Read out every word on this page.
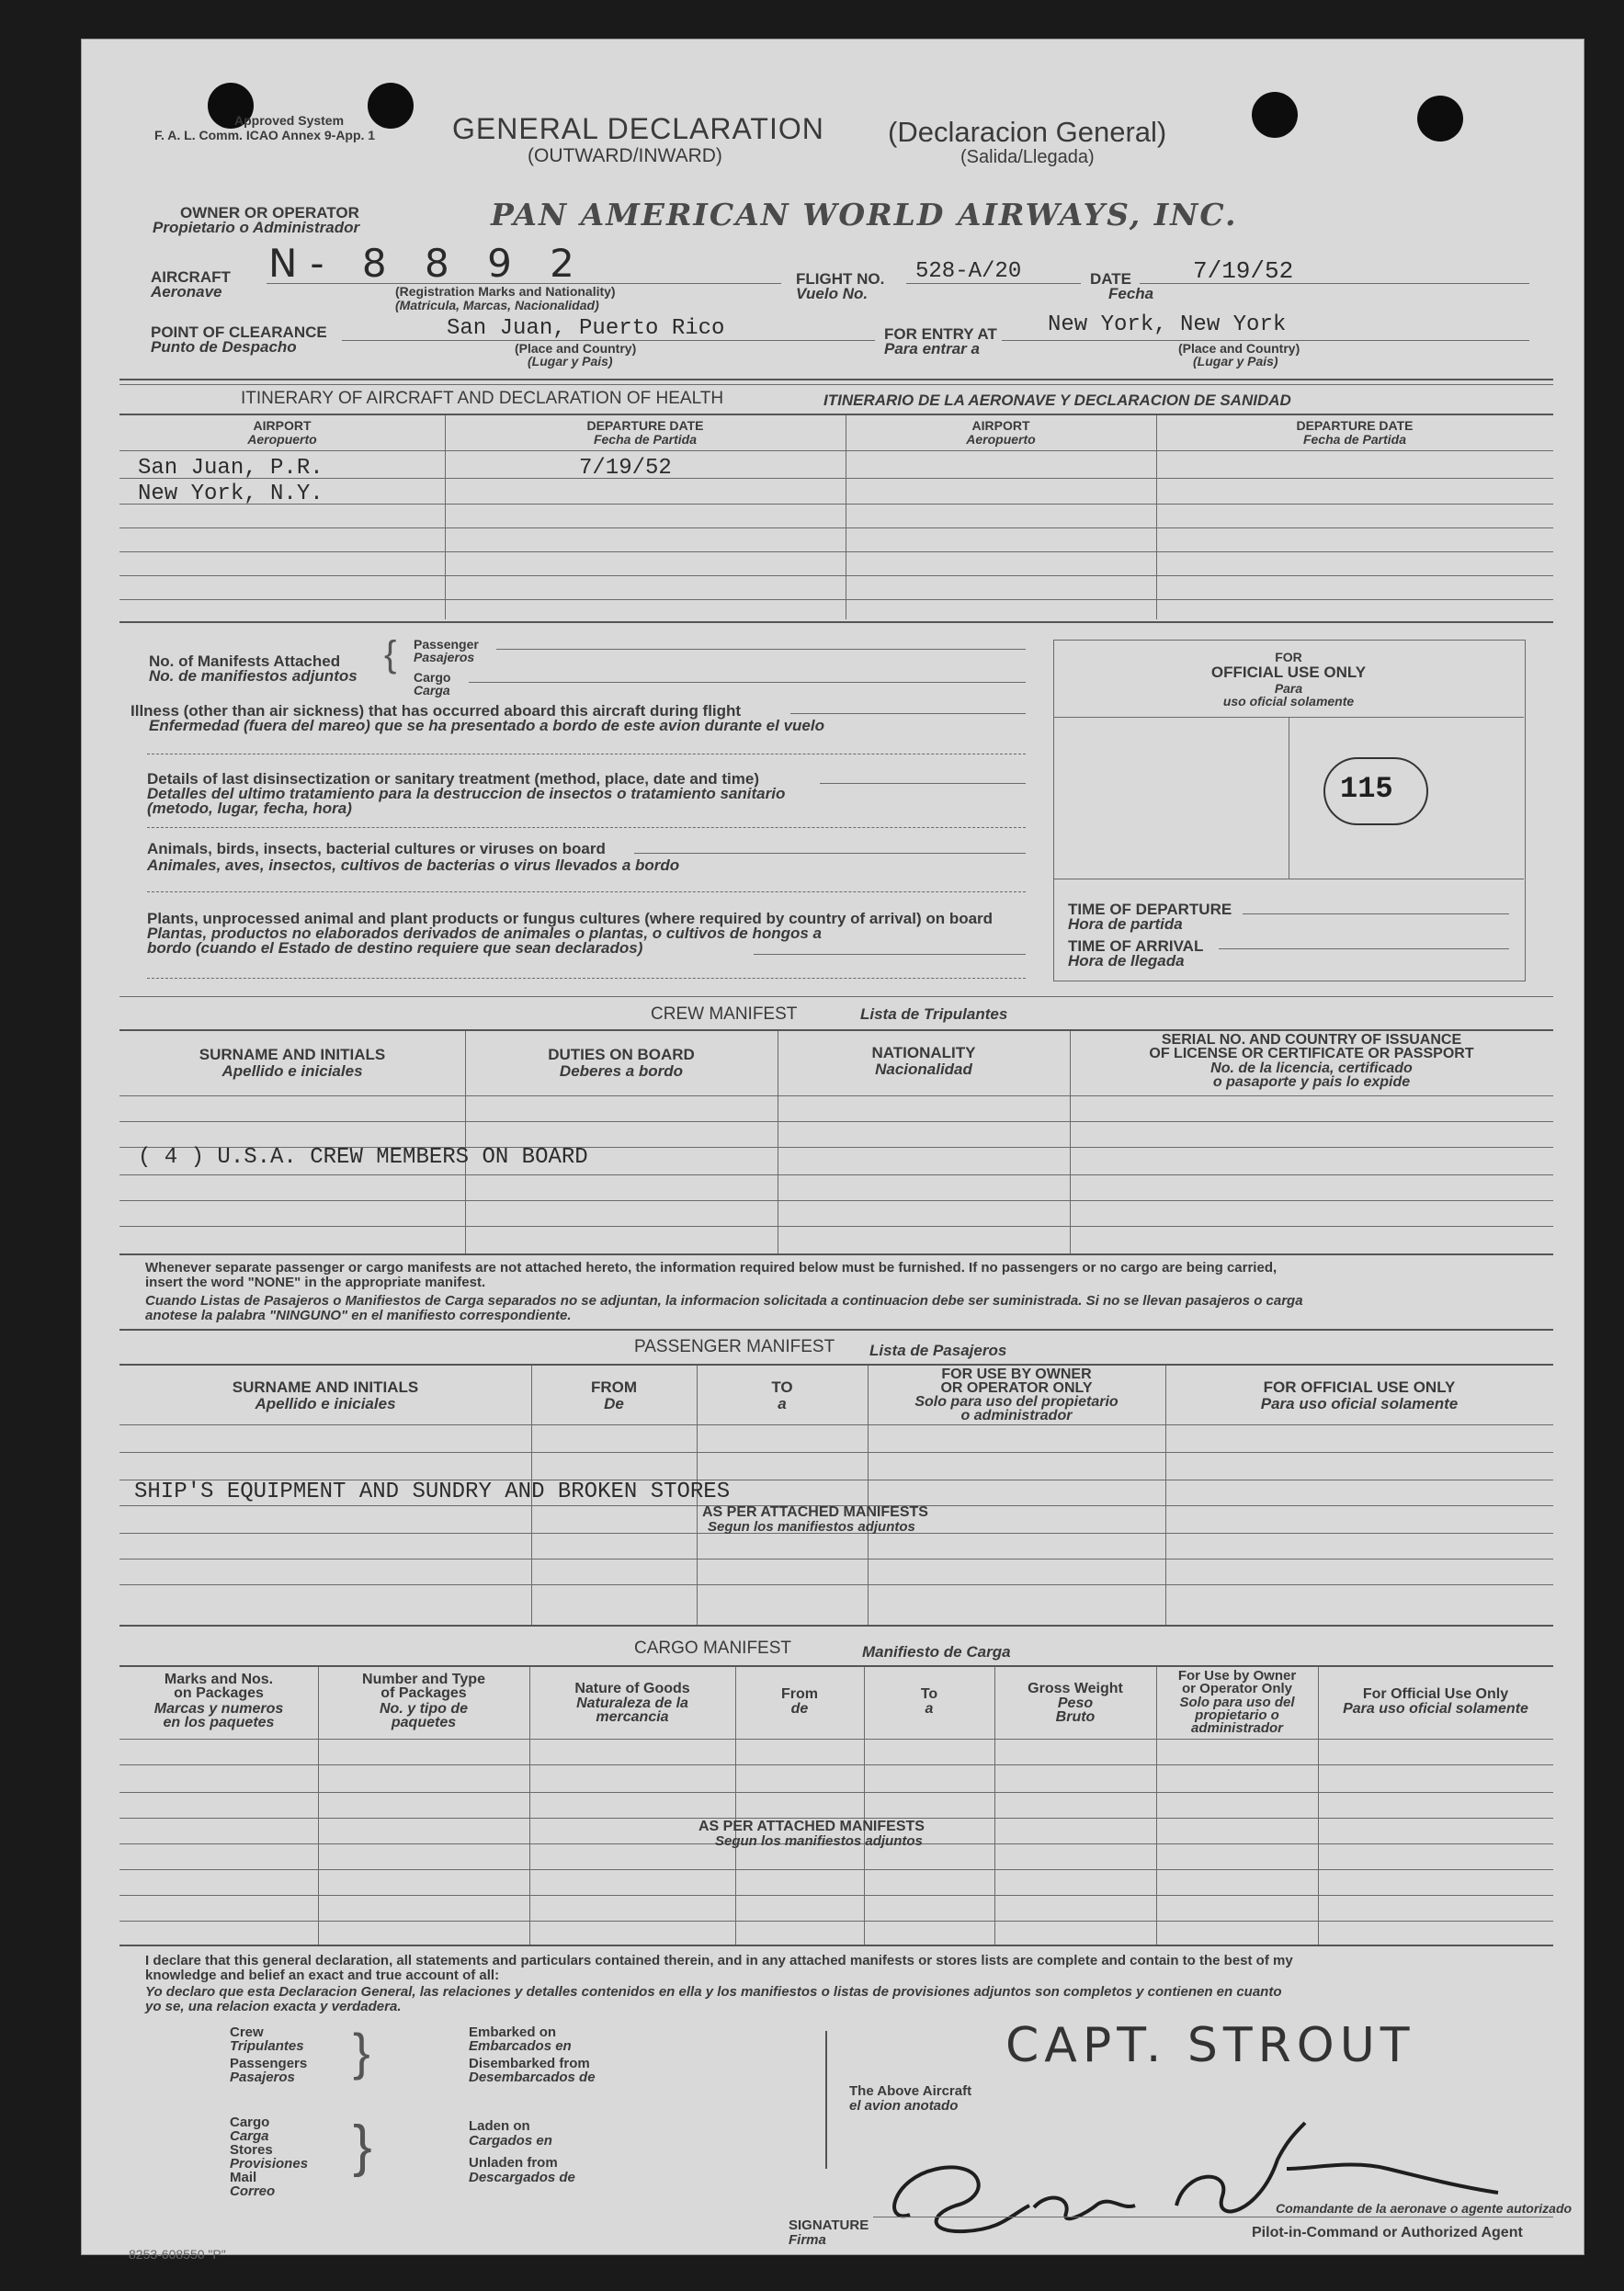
Approved System
F. A. L. Comm. ICAO Annex 9-App. 1	GENERAL DECLARATION (Declaracion General)
(OUTWARD/INWARD)	(Salida/Llegada)
OWNER OR OPERATOR
Propietario o Administrador	PAN AMERICAN WORLD AIRWAYS, INC.
AIRCRAFT
Aeronave
N- 8 8 9 2
(Registration Marks and Nationality)
(Matricula, Marcas, Nacionalidad)
FLIGHT NO.
Vuelo No.
528-A/20	DATE
Fecha
7/19/52
POINT OF CLEARANCE
Punto de Despacho
San Juan, Puerto Rico
(Place and Country)
(Lugar y Pais)
FOR ENTRY AT
Para entrar a
New York, New York
(Place and Country)
(Lugar y Pais)
ITINERARY OF AIRCRAFT AND DECLARATION OF HEALTH	ITINERARIO DE LA AERONAVE Y DECLARACION DE SANIDAD
AIRPORT
Aeropuerto
DEPARTURE DATE
Fecha de Partida
AIRPORT
Aeropuerto
DEPARTURE DATE
Fecha de Partida
San Juan, P.R.	7/19/52
New York, N.Y.
No. of Manifests Attached
No. de manifiestos adjuntos
{ Passenger
Pasajeros
Cargo
Carga
Illness (other than air sickness) that has occurred aboard this aircraft during flight
Enfermedad (fuera del mareo) que se ha presentado a bordo de este avion durante el vuelo
Details of last disinsectization or sanitary treatment (method, place, date and time)
Detalles del ultimo tratamiento para la destruccion de insectos o tratamiento sanitario
(metodo, lugar, fecha, hora)
Animals, birds, insects, bacterial cultures or viruses on board
Animales, aves, insectos, cultivos de bacterias o virus llevados a bordo
Plants, unprocessed animal and plant products or fungus cultures (where required by country of arrival) on board
Plantas, productos no elaborados derivados de animales o plantas, o cultivos de hongos a
bordo (cuando el Estado de destino requiere que sean declarados)
FOR
OFFICIAL USE ONLY
Para
uso oficial solamente
115
TIME OF DEPARTURE
Hora de partida
TIME OF ARRIVAL
Hora de llegada
CREW MANIFEST	Lista de Tripulantes
SURNAME AND INITIALS
Apellido e iniciales
DUTIES ON BOARD
Deberes a bordo
NATIONALITY
Nacionalidad
SERIAL NO. AND COUNTRY OF ISSUANCE
OF LICENSE OR CERTIFICATE OR PASSPORT
No. de la licencia, certificado
o pasaporte y pais lo expide
( 4 ) U.S.A. CREW MEMBERS ON BOARD
Whenever separate passenger or cargo manifests are not attached hereto, the information required below must be furnished. If no passengers or no cargo are being carried,
insert the word "NONE" in the appropriate manifest.
Cuando Listas de Pasajeros o Manifiestos de Carga separados no se adjuntan, la informacion solicitada a continuacion debe ser suministrada. Si no se llevan pasajeros o carga
anotese la palabra "NINGUNO" en el manifiesto correspondiente.
PASSENGER MANIFEST Lista de Pasajeros
SURNAME AND INITIALS
Apellido e iniciales
FROM
De
TO
a
FOR USE BY OWNER
OR OPERATOR ONLY
Solo para uso del propietario
o administrador
FOR OFFICIAL USE ONLY
Para uso oficial solamente
SHIP'S EQUIPMENT AND SUNDRY AND BROKEN STORES
AS PER ATTACHED MANIFESTS
Segun los manifiestos adjuntos
CARGO MANIFEST	Manifiesto de Carga
Marks and Nos.
on Packages
Marcas y numeros
en los paquetes
Number and Type
of Packages
No. y tipo de
paquetes
Nature of Goods
Naturaleza de la
mercancia
From
de
To
a
Gross Weight
Peso
Bruto
For Use by Owner
or Operator Only
Solo para uso del
propietario o
administrador
For Official Use Only
Para uso oficial solamente
AS PER ATTACHED MANIFESTS
Segun los manifiestos adjuntos
I declare that this general declaration, all statements and particulars contained therein, and in any attached manifests or stores lists are complete and contain to the best of my
knowledge and belief an exact and true account of all:
Yo declaro que esta Declaracion General, las relaciones y detalles contenidos en ella y los manifiestos o listas de provisiones adjuntos son completos y contienen en cuanto
yo se, una relacion exacta y verdadera.
Crew
Tripulantes
Passengers
Pasajeros }	Embarked on
Embarcados en
Disembarked from
Desembarcados de
Cargo
Carga
Stores
Provisiones
Mail
Correo
}	Laden on
Cargados en
Unladen from
Descargados de
The Above Aircraft
el avion anotado
CAPT. STROUT
SIGNATURE
Firma
Comandante de la aeronave o agente autorizado
Pilot-in-Command or Authorized Agent
8253-608550 "P"
